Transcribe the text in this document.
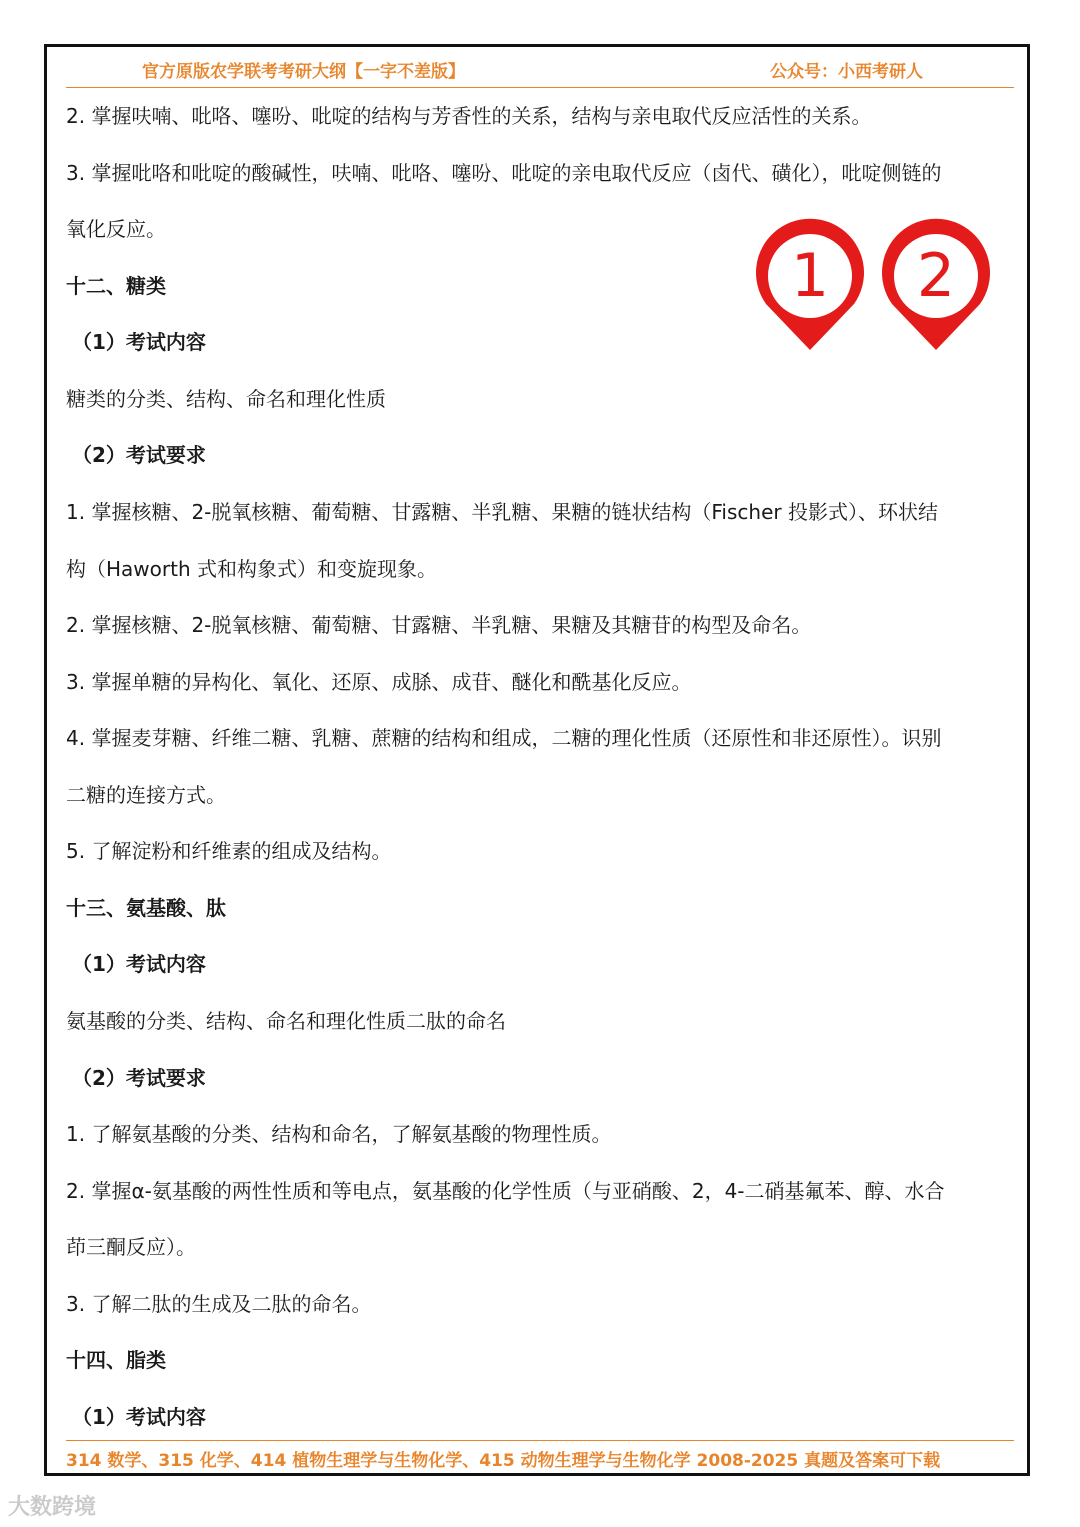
官方原版农学联考考研大纲【一字不差版】	公众号：小西考研人
2. 掌握呋喃、吡咯、噻吩、吡啶的结构与芳香性的关系，结构与亲电取代反应活性的关系。
3. 掌握吡咯和吡啶的酸碱性，呋喃、吡咯、噻吩、吡啶的亲电取代反应（卤代、磺化），吡啶侧链的
氧化反应。
十二、糖类
（1）考试内容
糖类的分类、结构、命名和理化性质
（2）考试要求
1. 掌握核糖、2-脱氧核糖、葡萄糖、甘露糖、半乳糖、果糖的链状结构（Fischer 投影式）、环状结
构（Haworth 式和构象式）和变旋现象。
2. 掌握核糖、2-脱氧核糖、葡萄糖、甘露糖、半乳糖、果糖及其糖苷的构型及命名。
3. 掌握单糖的异构化、氧化、还原、成脎、成苷、醚化和酰基化反应。
4. 掌握麦芽糖、纤维二糖、乳糖、蔗糖的结构和组成，二糖的理化性质（还原性和非还原性）。识别
二糖的连接方式。
5. 了解淀粉和纤维素的组成及结构。
十三、氨基酸、肽
（1）考试内容
氨基酸的分类、结构、命名和理化性质二肽的命名
（2）考试要求
1. 了解氨基酸的分类、结构和命名，了解氨基酸的物理性质。
2. 掌握α-氨基酸的两性性质和等电点，氨基酸的化学性质（与亚硝酸、2，4-二硝基氟苯、醇、水合
茚三酮反应）。
3. 了解二肽的生成及二肽的命名。
十四、脂类
（1）考试内容
1 2
314 数学、315 化学、414 植物生理学与生物化学、415 动物生理学与生物化学 2008-2025 真题及答案可下载
大数跨境
